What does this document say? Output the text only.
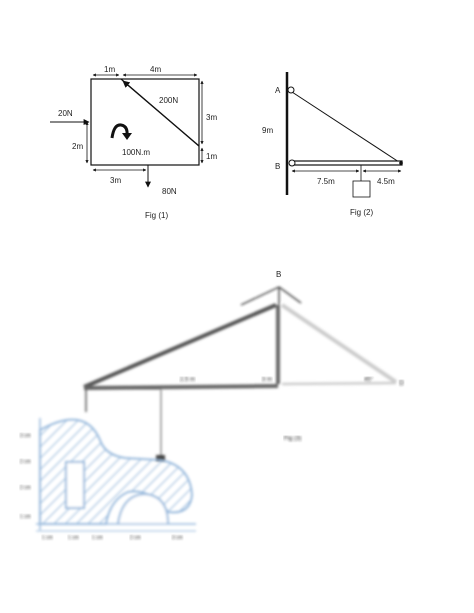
1m	4m
3m
1m
2m
3m
20N
80N
200N
100N.m
Fig (1)
A
B
9m
7.5m	4.5m
Fig (2)
B
2.5 m	3 m	45°	D
Fig (3)
3 cm
2 cm
2 cm
1 cm
1 cm	1 cm	1 cm	2 cm	3 cm
